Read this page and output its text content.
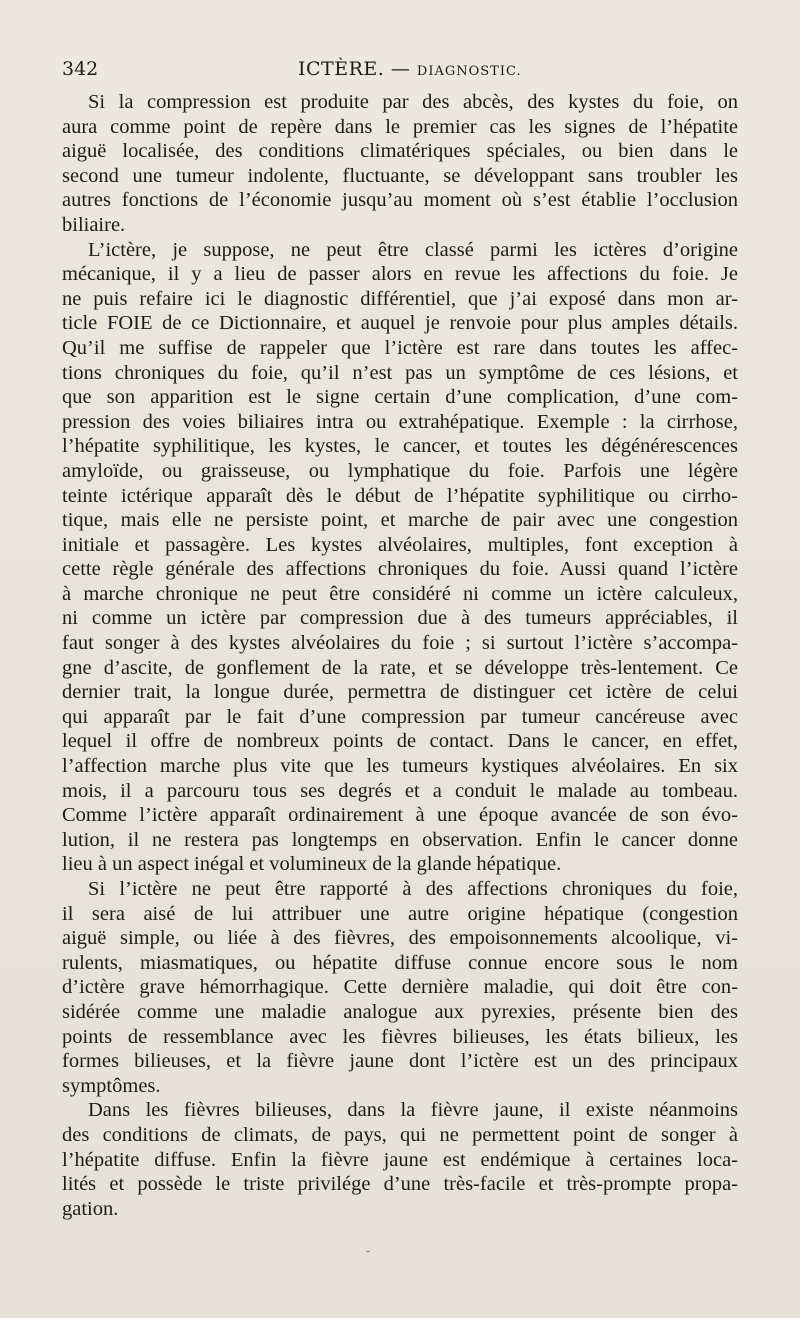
342	ICTÈRE. — DIAGNOSTIC.
Si la compression est produite par des abcès, des kystes du foie, on
aura comme point de repère dans le premier cas les signes de l’hépatite
aiguë localisée, des conditions climatériques spéciales, ou bien dans le
second une tumeur indolente, fluctuante, se développant sans troubler les
autres fonctions de l’économie jusqu’au moment où s’est établie l’occlusion
biliaire.
L’ictère, je suppose, ne peut être classé parmi les ictères d’origine
mécanique, il y a lieu de passer alors en revue les affections du foie. Je
ne puis refaire ici le diagnostic différentiel, que j’ai exposé dans mon ar-
ticle FOIE de ce Dictionnaire, et auquel je renvoie pour plus amples détails.
Qu’il me suffise de rappeler que l’ictère est rare dans toutes les affec-
tions chroniques du foie, qu’il n’est pas un symptôme de ces lésions, et
que son apparition est le signe certain d’une complication, d’une com-
pression des voies biliaires intra ou extrahépatique. Exemple : la cirrhose,
l’hépatite syphilitique, les kystes, le cancer, et toutes les dégénérescences
amyloïde, ou graisseuse, ou lymphatique du foie. Parfois une légère
teinte ictérique apparaît dès le début de l’hépatite syphilitique ou cirrho-
tique, mais elle ne persiste point, et marche de pair avec une congestion
initiale et passagère. Les kystes alvéolaires, multiples, font exception à
cette règle générale des affections chroniques du foie. Aussi quand l’ictère
à marche chronique ne peut être considéré ni comme un ictère calculeux,
ni comme un ictère par compression due à des tumeurs appréciables, il
faut songer à des kystes alvéolaires du foie ; si surtout l’ictère s’accompa-
gne d’ascite, de gonflement de la rate, et se développe très-lentement. Ce
dernier trait, la longue durée, permettra de distinguer cet ictère de celui
qui apparaît par le fait d’une compression par tumeur cancéreuse avec
lequel il offre de nombreux points de contact. Dans le cancer, en effet,
l’affection marche plus vite que les tumeurs kystiques alvéolaires. En six
mois, il a parcouru tous ses degrés et a conduit le malade au tombeau.
Comme l’ictère apparaît ordinairement à une époque avancée de son évo-
lution, il ne restera pas longtemps en observation. Enfin le cancer donne
lieu à un aspect inégal et volumineux de la glande hépatique.
Si l’ictère ne peut être rapporté à des affections chroniques du foie,
il sera aisé de lui attribuer une autre origine hépatique (congestion
aiguë simple, ou liée à des fièvres, des empoisonnements alcoolique, vi-
rulents, miasmatiques, ou hépatite diffuse connue encore sous le nom
d’ictère grave hémorrhagique. Cette dernière maladie, qui doit être con-
sidérée comme une maladie analogue aux pyrexies, présente bien des
points de ressemblance avec les fièvres bilieuses, les états bilieux, les
formes bilieuses, et la fièvre jaune dont l’ictère est un des principaux
symptômes.
Dans les fièvres bilieuses, dans la fièvre jaune, il existe néanmoins
des conditions de climats, de pays, qui ne permettent point de songer à
l’hépatite diffuse. Enfin la fièvre jaune est endémique à certaines loca-
lités et possède le triste privilége d’une très-facile et très-prompte propa-
gation.
-
